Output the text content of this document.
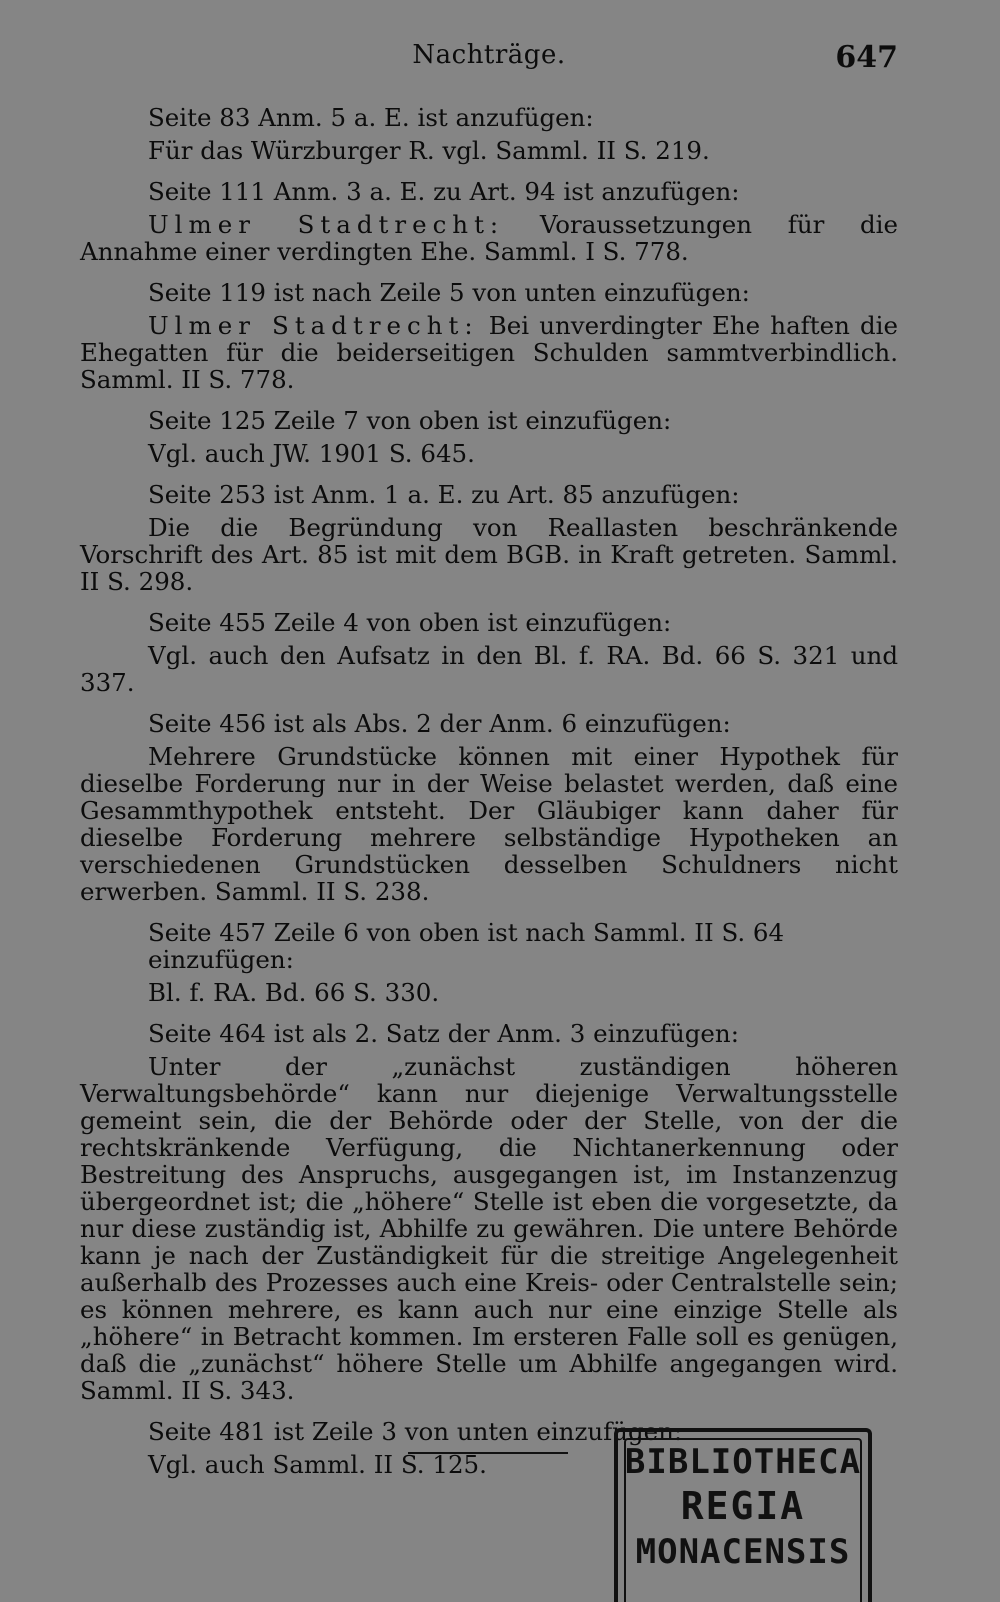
Nachträge.	647

Seite 83 Anm. 5 a. E. ist anzufügen:

Für das Würzburger R. vgl. Samml. II S. 219.

Seite 111 Anm. 3 a. E. zu Art. 94 ist anzufügen:

Ulmer Stadtrecht: Voraussetzungen für die Annahme einer verdingten Ehe. Samml. I S. 778.

Seite 119 ist nach Zeile 5 von unten einzufügen:

Ulmer Stadtrecht: Bei unverdingter Ehe haften die Ehegatten für die beiderseitigen Schulden sammtverbindlich. Samml. II S. 778.

Seite 125 Zeile 7 von oben ist einzufügen:

Vgl. auch JW. 1901 S. 645.

Seite 253 ist Anm. 1 a. E. zu Art. 85 anzufügen:

Die die Begründung von Reallasten beschränkende Vorschrift des Art. 85 ist mit dem BGB. in Kraft getreten. Samml. II S. 298.

Seite 455 Zeile 4 von oben ist einzufügen:

Vgl. auch den Aufsatz in den Bl. f. RA. Bd. 66 S. 321 und 337.

Seite 456 ist als Abs. 2 der Anm. 6 einzufügen:

Mehrere Grundstücke können mit einer Hypothek für dieselbe Forderung nur in der Weise belastet werden, daß eine Gesammthypothek entsteht. Der Gläubiger kann daher für dieselbe Forderung mehrere selbständige Hypotheken an verschiedenen Grundstücken desselben Schuldners nicht erwerben. Samml. II S. 238.

Seite 457 Zeile 6 von oben ist nach Samml. II S. 64 einzufügen:

Bl. f. RA. Bd. 66 S. 330.

Seite 464 ist als 2. Satz der Anm. 3 einzufügen:

Unter der „zunächst zuständigen höheren Verwaltungsbehörde“ kann nur diejenige Verwaltungsstelle gemeint sein, die der Behörde oder der Stelle, von der die rechtskränkende Verfügung, die Nichtanerkennung oder Bestreitung des Anspruchs, ausgegangen ist, im Instanzenzug übergeordnet ist; die „höhere“ Stelle ist eben die vorgesetzte, da nur diese zuständig ist, Abhilfe zu gewähren. Die untere Behörde kann je nach der Zuständigkeit für die streitige Angelegenheit außerhalb des Prozesses auch eine Kreis- oder Centralstelle sein; es können mehrere, es kann auch nur eine einzige Stelle als „höhere“ in Betracht kommen. Im ersteren Falle soll es genügen, daß die „zunächst“ höhere Stelle um Abhilfe angegangen wird. Samml. II S. 343.

Seite 481 ist Zeile 3 von unten einzufügen:

Vgl. auch Samml. II S. 125.	BIBLIOTHECA
REGIA
MONACENSIS
